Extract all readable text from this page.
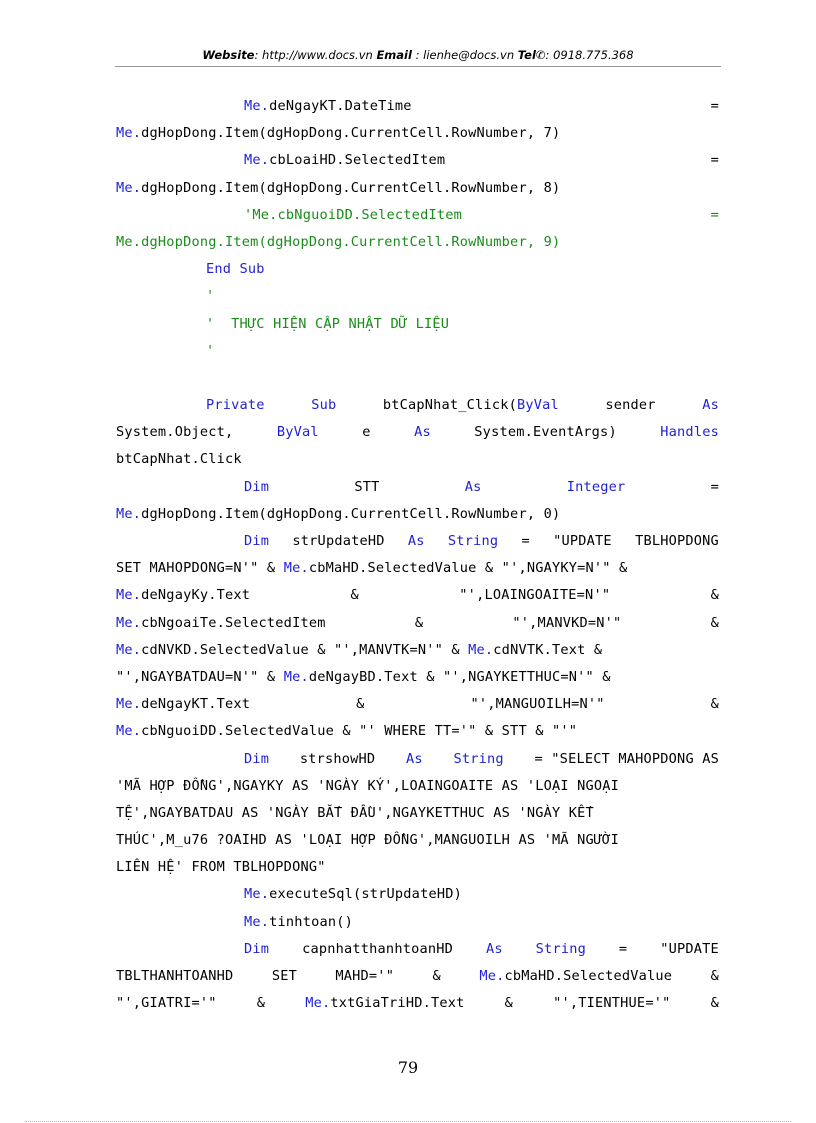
Website: http://www.docs.vn Email : lienhe@docs.vn Tel✆: 0918.775.368
Me.deNgayKT.DateTime	=
Me. dgHopDong.Item(dgHopDong.CurrentCell.RowNumber, 7)
Me.cbLoaiHD.SelectedItem	=
Me. dgHopDong.Item(dgHopDong.CurrentCell.RowNumber, 8)
'Me.cbNguoiDD.SelectedItem	=
Me.dgHopDong.Item(dgHopDong.CurrentCell.RowNumber, 9)
End Sub
'
'  THỰC HIỆN CẬP NHẬT DỮ LIỆU
'
Private	Sub	btCapNhat_Click(ByVal	sender	As
System.Object,	ByVal	e	As	System.EventArgs)	Handles
btCapNhat.Click
Dim	STT	As	Integer	=
Me. dgHopDong.Item(dgHopDong.CurrentCell.RowNumber, 0)
Dim strUpdateHD As String = "UPDATE TBLHOPDONG
SET MAHOPDONG=N'" & Me.cbMaHD.SelectedValue & "',NGAYKY=N'" &
Me.deNgayKy.Text	&	"',LOAINGOAITE=N'"	&
Me.cbNgoaiTe.SelectedItem	&	"',MANVKD=N'"	&
Me.cdNVKD.SelectedValue & "',MANVTK=N'" & Me.cdNVTK.Text &
"',NGAYBATDAU=N'" & Me.deNgayBD.Text & "',NGAYKETTHUC=N'" &
Me.deNgayKT.Text	&	"',MANGUOILH=N'"	&
Me. cbNguoiDD.SelectedValue & "' WHERE TT='" & STT & "'"
Dim strshowHD As String = "SELECT MAHOPDONG AS
'MÃ HỢP ĐỒNG',NGAYKY AS 'NGÀY KÝ',LOAINGOAITE AS 'LOẠI NGOẠI
TỆ',NGAYBATDAU AS 'NGÀY BẮT ĐẦU',NGAYKETTHUC AS 'NGÀY KẾT
THÚC',M_u76 ?OAIHD AS 'LOẠI HỢP ĐỒNG',MANGUOILH AS 'MÃ NGƯỜI
LIÊN HỆ' FROM TBLHOPDONG"
Me. executeSql(strUpdateHD)
Me. tinhtoan()
Dim capnhatthanhtoanHD As String = "UPDATE
TBLTHANHTOANHD	SET	MAHD='"	&	Me.cbMaHD.SelectedValue	&
"',GIATRI='"	&	Me.txtGiaTriHD.Text	&	"',TIENTHUE='"	&
79
